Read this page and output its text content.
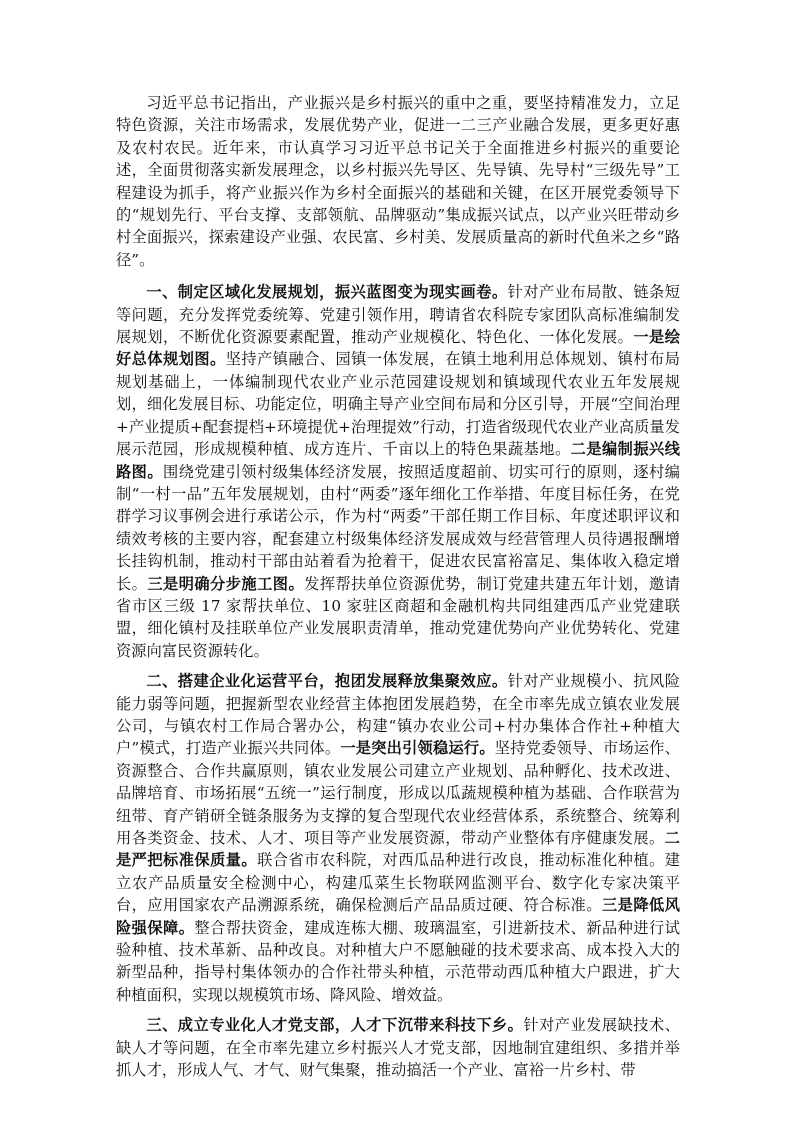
习近平总书记指出，产业振兴是乡村振兴的重中之重，要坚持精准发力，立足特色资源，关注市场需求，发展优势产业，促进一二三产业融合发展，更多更好惠及农村农民。近年来，市认真学习习近平总书记关于全面推进乡村振兴的重要论述，全面贯彻落实新发展理念，以乡村振兴先导区、先导镇、先导村“三级先导”工程建设为抓手，将产业振兴作为乡村全面振兴的基础和关键，在区开展党委领导下的“规划先行、平台支撑、支部领航、品牌驱动”集成振兴试点，以产业兴旺带动乡村全面振兴，探索建设产业强、农民富、乡村美、发展质量高的新时代鱼米之乡“路径”。

一、制定区域化发展规划，振兴蓝图变为现实画卷。针对产业布局散、链条短等问题，充分发挥党委统筹、党建引领作用，聘请省农科院专家团队高标准编制发展规划，不断优化资源要素配置，推动产业规模化、特色化、一体化发展。一是绘好总体规划图。坚持产镇融合、园镇一体发展，在镇土地利用总体规划、镇村布局规划基础上，一体编制现代农业产业示范园建设规划和镇域现代农业五年发展规划，细化发展目标、功能定位，明确主导产业空间布局和分区引导，开展“空间治理+产业提质+配套提档+环境提优+治理提效”行动，打造省级现代农业产业高质量发展示范园，形成规模种植、成方连片、千亩以上的特色果蔬基地。二是编制振兴线路图。围绕党建引领村级集体经济发展，按照适度超前、切实可行的原则，逐村编制“一村一品”五年发展规划，由村“两委”逐年细化工作举措、年度目标任务，在党群学习议事例会进行承诺公示，作为村“两委”干部任期工作目标、年度述职评议和绩效考核的主要内容，配套建立村级集体经济发展成效与经营管理人员待遇报酬增长挂钩机制，推动村干部由站着看为抢着干，促进农民富裕富足、集体收入稳定增长。三是明确分步施工图。发挥帮扶单位资源优势，制订党建共建五年计划，邀请省市区三级 17 家帮扶单位、10 家驻区商超和金融机构共同组建西瓜产业党建联盟，细化镇村及挂联单位产业发展职责清单，推动党建优势向产业优势转化、党建资源向富民资源转化。

二、搭建企业化运营平台，抱团发展释放集聚效应。针对产业规模小、抗风险能力弱等问题，把握新型农业经营主体抱团发展趋势，在全市率先成立镇农业发展公司，与镇农村工作局合署办公，构建“镇办农业公司+村办集体合作社+种植大户”模式，打造产业振兴共同体。一是突出引领稳运行。坚持党委领导、市场运作、资源整合、合作共赢原则，镇农业发展公司建立产业规划、品种孵化、技术改进、品牌培育、市场拓展“五统一”运行制度，形成以瓜蔬规模种植为基础、合作联营为纽带、育产销研全链条服务为支撑的复合型现代农业经营体系，系统整合、统筹利用各类资金、技术、人才、项目等产业发展资源，带动产业整体有序健康发展。二是严把标准保质量。联合省市农科院，对西瓜品种进行改良，推动标准化种植。建立农产品质量安全检测中心，构建瓜菜生长物联网监测平台、数字化专家决策平台，应用国家农产品溯源系统，确保检测后产品品质过硬、符合标准。三是降低风险强保障。整合帮扶资金，建成连栋大棚、玻璃温室，引进新技术、新品种进行试验种植、技术革新、品种改良。对种植大户不愿触碰的技术要求高、成本投入大的新型品种，指导村集体领办的合作社带头种植，示范带动西瓜种植大户跟进，扩大种植面积，实现以规模筑市场、降风险、增效益。

三、成立专业化人才党支部，人才下沉带来科技下乡。针对产业发展缺技术、缺人才等问题，在全市率先建立乡村振兴人才党支部，因地制宜建组织、多措并举抓人才，形成人气、才气、财气集聚，推动搞活一个产业、富裕一片乡村、带
